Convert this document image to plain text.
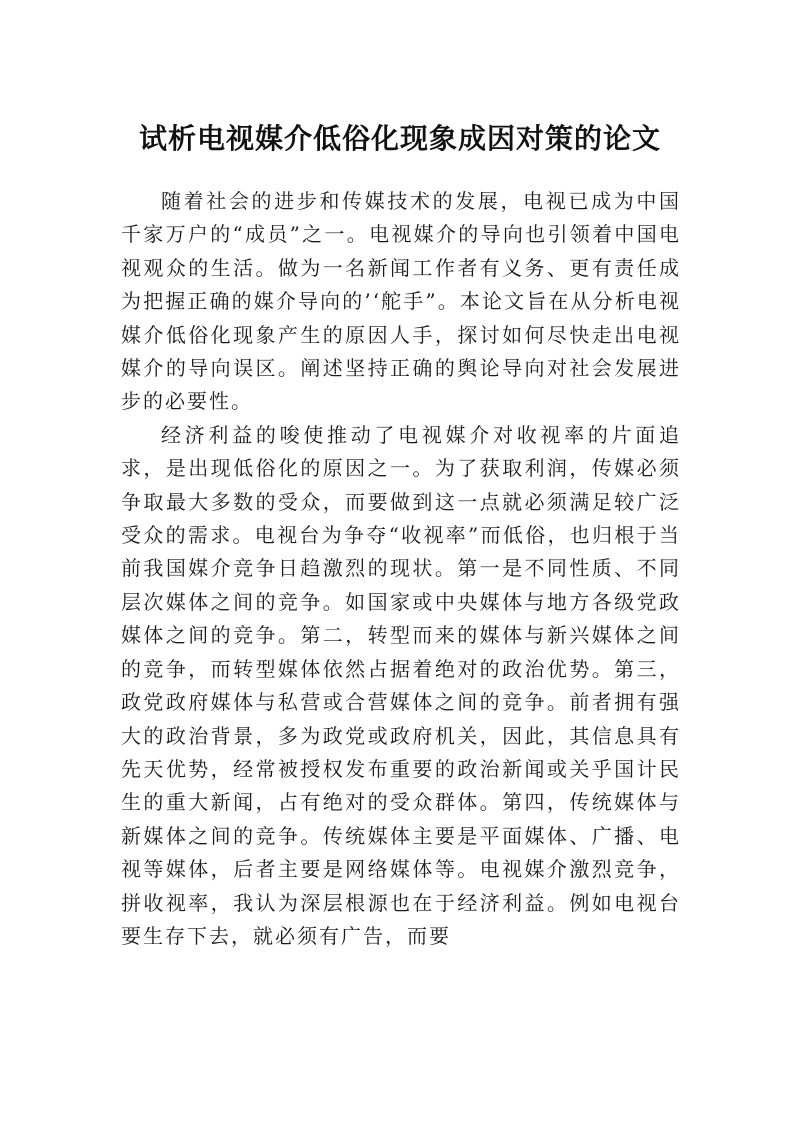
试析电视媒介低俗化现象成因对策的论文

随着社会的进步和传媒技术的发展，电视已成为中国千家万户的“成员”之一。电视媒介的导向也引领着中国电视观众的生活。做为一名新闻工作者有义务、更有责任成为把握正确的媒介导向的’‘舵手”。本论文旨在从分析电视媒介低俗化现象产生的原因人手，探讨如何尽快走出电视媒介的导向误区。阐述坚持正确的舆论导向对社会发展进步的必要性。

经济利益的唆使推动了电视媒介对收视率的片面追求，是出现低俗化的原因之一。为了获取利润，传媒必须争取最大多数的受众，而要做到这一点就必须满足较广泛受众的需求。电视台为争夺“收视率”而低俗，也归根于当前我国媒介竞争日趋激烈的现状。第一是不同性质、不同层次媒体之间的竞争。如国家或中央媒体与地方各级党政媒体之间的竞争。第二，转型而来的媒体与新兴媒体之间的竞争，而转型媒体依然占据着绝对的政治优势。第三，政党政府媒体与私营或合营媒体之间的竞争。前者拥有强大的政治背景，多为政党或政府机关，因此，其信息具有先天优势，经常被授权发布重要的政治新闻或关乎国计民生的重大新闻，占有绝对的受众群体。第四，传统媒体与新媒体之间的竞争。传统媒体主要是平面媒体、广播、电视等媒体，后者主要是网络媒体等。电视媒介激烈竞争，拼收视率，我认为深层根源也在于经济利益。例如电视台要生存下去，就必须有广告，而要
